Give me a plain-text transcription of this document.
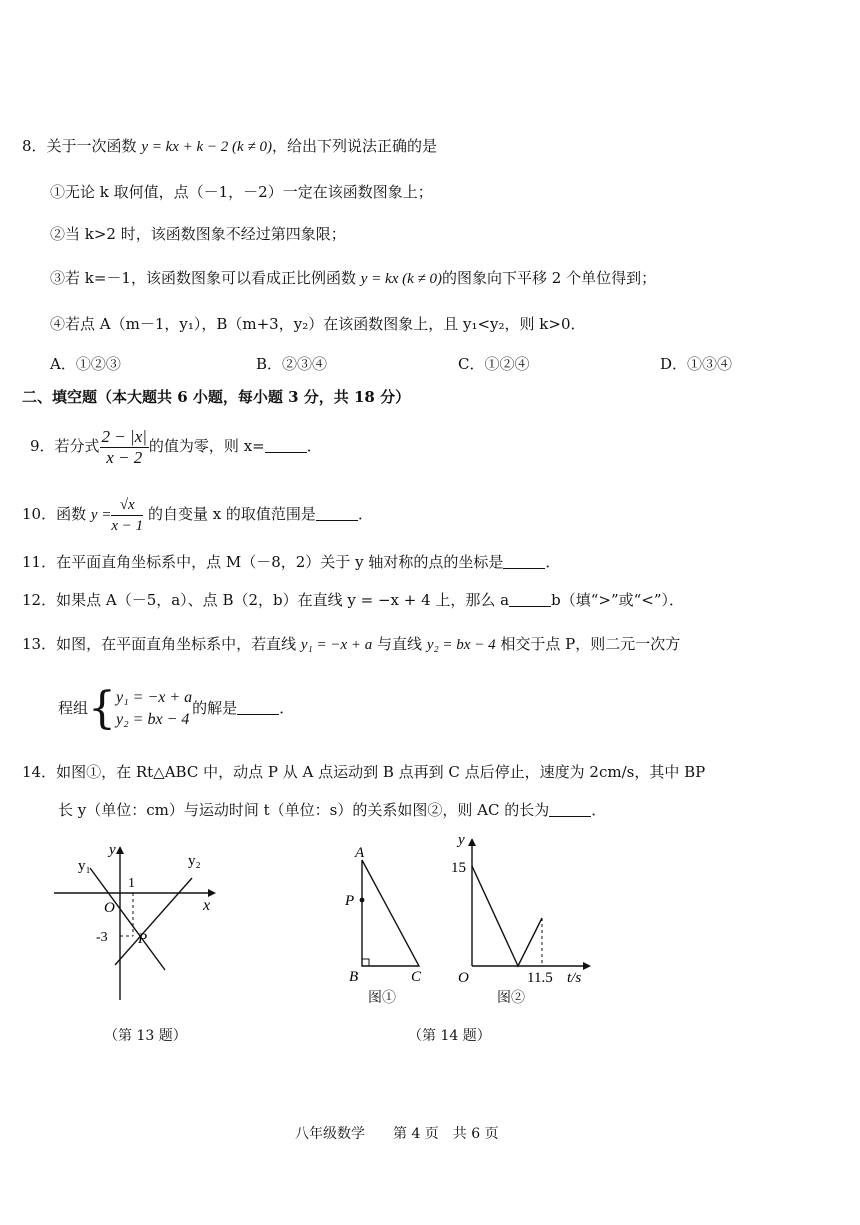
8．关于一次函数 y = kx + k − 2 (k ≠ 0)，给出下列说法正确的是
①无论 k 取何值，点（－1，－2）一定在该函数图象上；
②当 k>2 时，该函数图象不经过第四象限；
③若 k=－1，该函数图象可以看成正比例函数 y = kx (k ≠ 0)的图象向下平移 2 个单位得到；
④若点 A（m－1，y₁），B（m+3，y₂）在该函数图象上，且 y₁<y₂，则 k>0．
A．①②③	B．②③④	C．①②④	D．①③④
二、填空题（本大题共 6 小题，每小题 3 分，共 18 分）
9．若分式 $\frac{2 - |x|}{x - 2}$ 的值为零，则 x=	．
10．函数 $y = \frac{√x}{x - 1}$ 的自变量 x 的取值范围是	．
11．在平面直角坐标系中，点 M（－8，2）关于 y 轴对称的点的坐标是	．
12．如果点 A（－5，a）、点 B（2，b）在直线 y = −x + 4 上，那么 a	b（填“>”或“<”）．
13．如图，在平面直角坐标系中，若直线 y₁ = −x + a 与直线 y₂ = bx − 4 相交于点 P，则二元一次方
程组{ y₁ = −x + a
y₂ = bx − 4
的解是	．
14．如图①，在 Rt△ABC 中，动点 P 从 A 点运动到 B 点再到 C 点后停止，速度为 2cm/s，其中 BP
长 y（单位：cm）与运动时间 t（单位：s）的关系如图②，则 AC 的长为	．
y
x
y₁	y₂
O
1
-3 P
（第 13 题）
A
P
B	C
图①
y
15
O	11.5 t/s
图②
（第 14 题）
八年级数学　　第 4 页　共 6 页
